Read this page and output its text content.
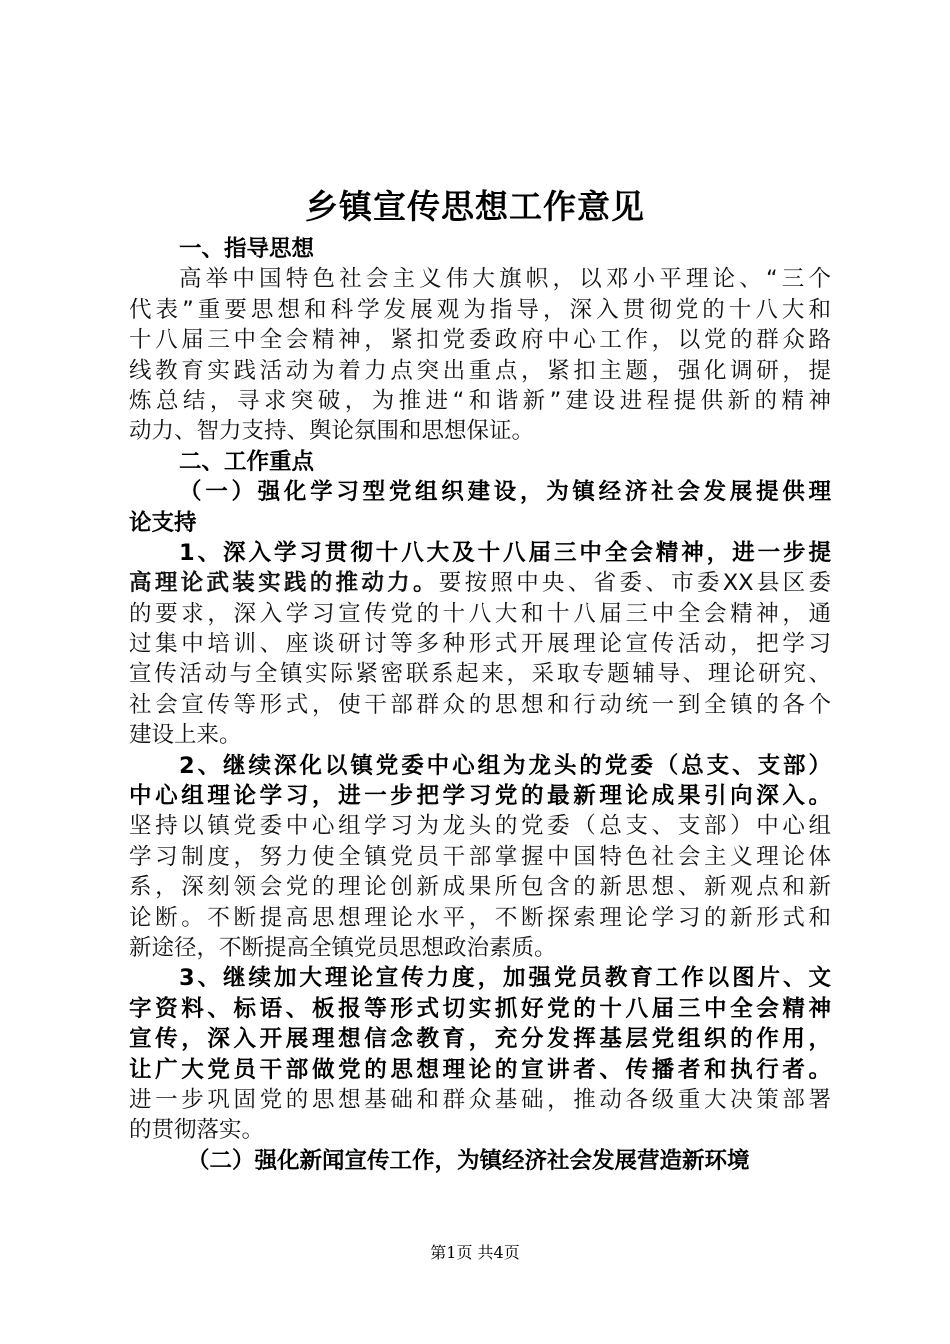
乡镇宣传思想工作意见
一、指导思想
高举中国特色社会主义伟大旗帜，以邓小平理论、“三个
代表”重要思想和科学发展观为指导，深入贯彻党的十八大和
十八届三中全会精神，紧扣党委政府中心工作，以党的群众路
线教育实践活动为着力点突出重点，紧扣主题，强化调研，提
炼总结，寻求突破，为推进“和谐新”建设进程提供新的精神
动力、智力支持、舆论氛围和思想保证。
二、工作重点
（一）强化学习型党组织建设，为镇经济社会发展提供理
论支持
1、深入学习贯彻十八大及十八届三中全会精神，进一步提
高理论武装实践的推动力。要按照中央、省委、市委XX县区委
的要求，深入学习宣传党的十八大和十八届三中全会精神，通
过集中培训、座谈研讨等多种形式开展理论宣传活动，把学习
宣传活动与全镇实际紧密联系起来，采取专题辅导、理论研究、
社会宣传等形式，使干部群众的思想和行动统一到全镇的各个
建设上来。
2、继续深化以镇党委中心组为龙头的党委（总支、支部）
中心组理论学习，进一步把学习党的最新理论成果引向深入。
坚持以镇党委中心组学习为龙头的党委（总支、支部）中心组
学习制度，努力使全镇党员干部掌握中国特色社会主义理论体
系，深刻领会党的理论创新成果所包含的新思想、新观点和新
论断。不断提高思想理论水平，不断探索理论学习的新形式和
新途径，不断提高全镇党员思想政治素质。
3、继续加大理论宣传力度，加强党员教育工作以图片、文
字资料、标语、板报等形式切实抓好党的十八届三中全会精神
宣传，深入开展理想信念教育，充分发挥基层党组织的作用，
让广大党员干部做党的思想理论的宣讲者、传播者和执行者。
进一步巩固党的思想基础和群众基础，推动各级重大决策部署
的贯彻落实。
（二）强化新闻宣传工作，为镇经济社会发展营造新环境
第1页 共4页
